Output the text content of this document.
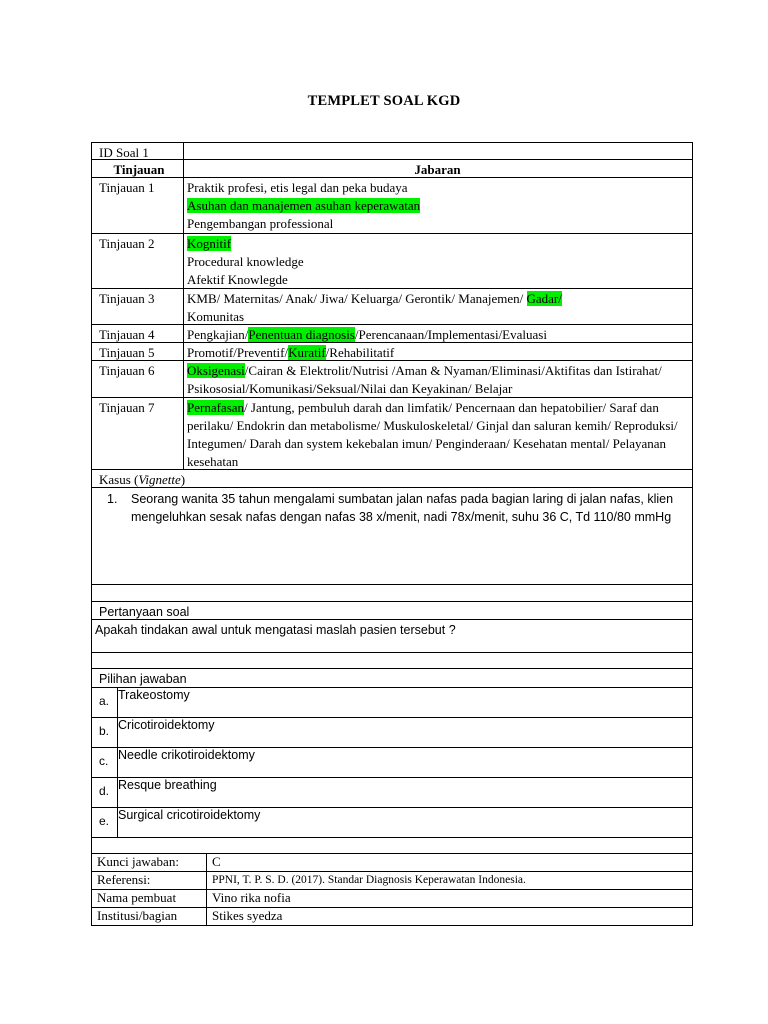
TEMPLET SOAL KGD
ID Soal 1
Tinjauan	Jabaran
Tinjauan 1	Praktik profesi, etis legal dan peka budaya
Asuhan dan manajemen asuhan keperawatan
Pengembangan professional
Tinjauan 2	Kognitif
Procedural knowledge
Afektif Knowlegde
Tinjauan 3	KMB/ Maternitas/ Anak/ Jiwa/ Keluarga/ Gerontik/ Manajemen/ Gadar/
Komunitas
Tinjauan 4	Pengkajian/Penentuan diagnosis/Perencanaan/Implementasi/Evaluasi
Tinjauan 5	Promotif/Preventif/Kuratif/Rehabilitatif
Tinjauan 6	Oksigenasi/Cairan & Elektrolit/Nutrisi /Aman & Nyaman/Eliminasi/Aktifitas dan Istirahat/ Psikososial/Komunikasi/Seksual/Nilai dan Keyakinan/ Belajar
Tinjauan 7	Pernafasan/ Jantung, pembuluh darah dan limfatik/ Pencernaan dan hepatobilier/ Saraf dan perilaku/ Endokrin dan metabolisme/ Muskuloskeletal/ Ginjal dan saluran kemih/ Reproduksi/ Integumen/ Darah dan system kekebalan imun/ Penginderaan/ Kesehatan mental/ Pelayanan kesehatan
Kasus (Vignette)
1.	Seorang wanita 35 tahun mengalami sumbatan jalan nafas pada bagian laring di jalan nafas, klien mengeluhkan sesak nafas dengan nafas 38 x/menit, nadi 78x/menit, suhu 36 C, Td 110/80 mmHg
Pertanyaan soal
Apakah tindakan awal untuk mengatasi maslah pasien tersebut ?
Pilihan jawaban
a. Trakeostomy
b. Cricotiroidektomy
c. Needle crikotiroidektomy
d. Resque breathing
e. Surgical cricotiroidektomy
Kunci jawaban:	C
Referensi:	PPNI, T. P. S. D. (2017). Standar Diagnosis Keperawatan Indonesia.
Nama pembuat	Vino rika nofia
Institusi/bagian	Stikes syedza
